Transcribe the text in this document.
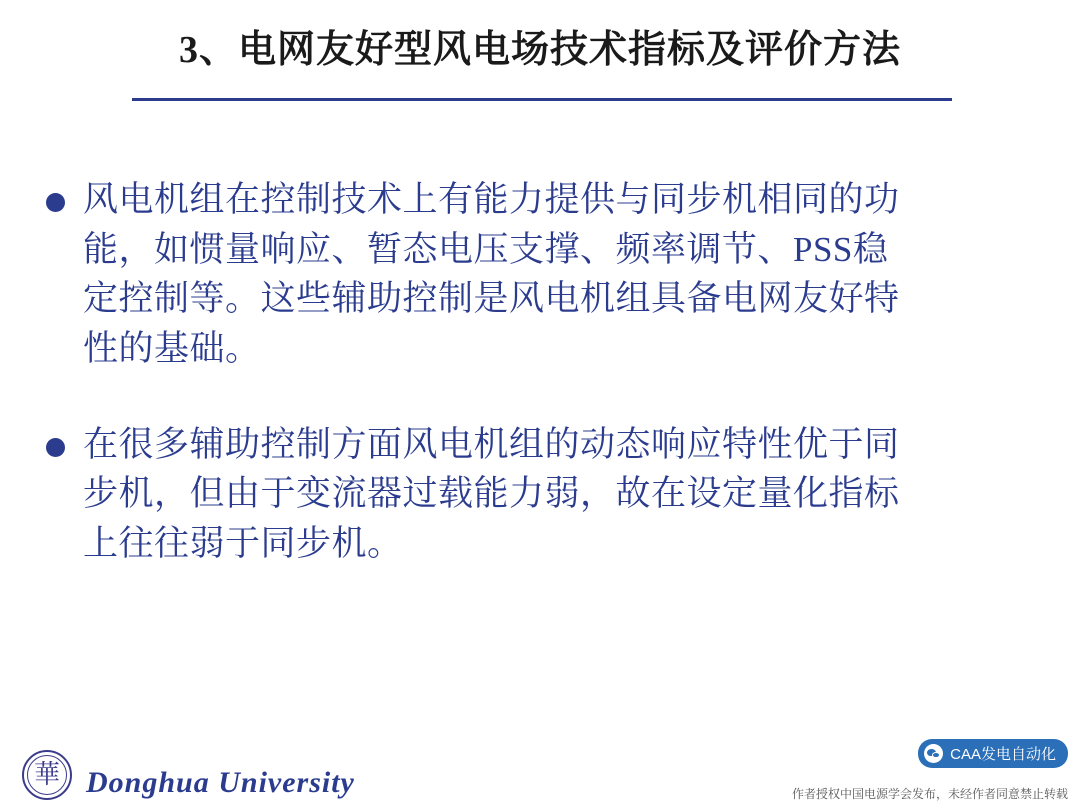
3、电网友好型风电场技术指标及评价方法
风电机组在控制技术上有能力提供与同步机相同的功能，如惯量响应、暂态电压支撑、频率调节、PSS稳定控制等。这些辅助控制是风电机组具备电网友好特性的基础。
在很多辅助控制方面风电机组的动态响应特性优于同步机，但由于变流器过载能力弱，故在设定量化指标上往往弱于同步机。
華 Donghua University
CAA发电自动化
作者授权中国电源学会发布，未经作者同意禁止转载
